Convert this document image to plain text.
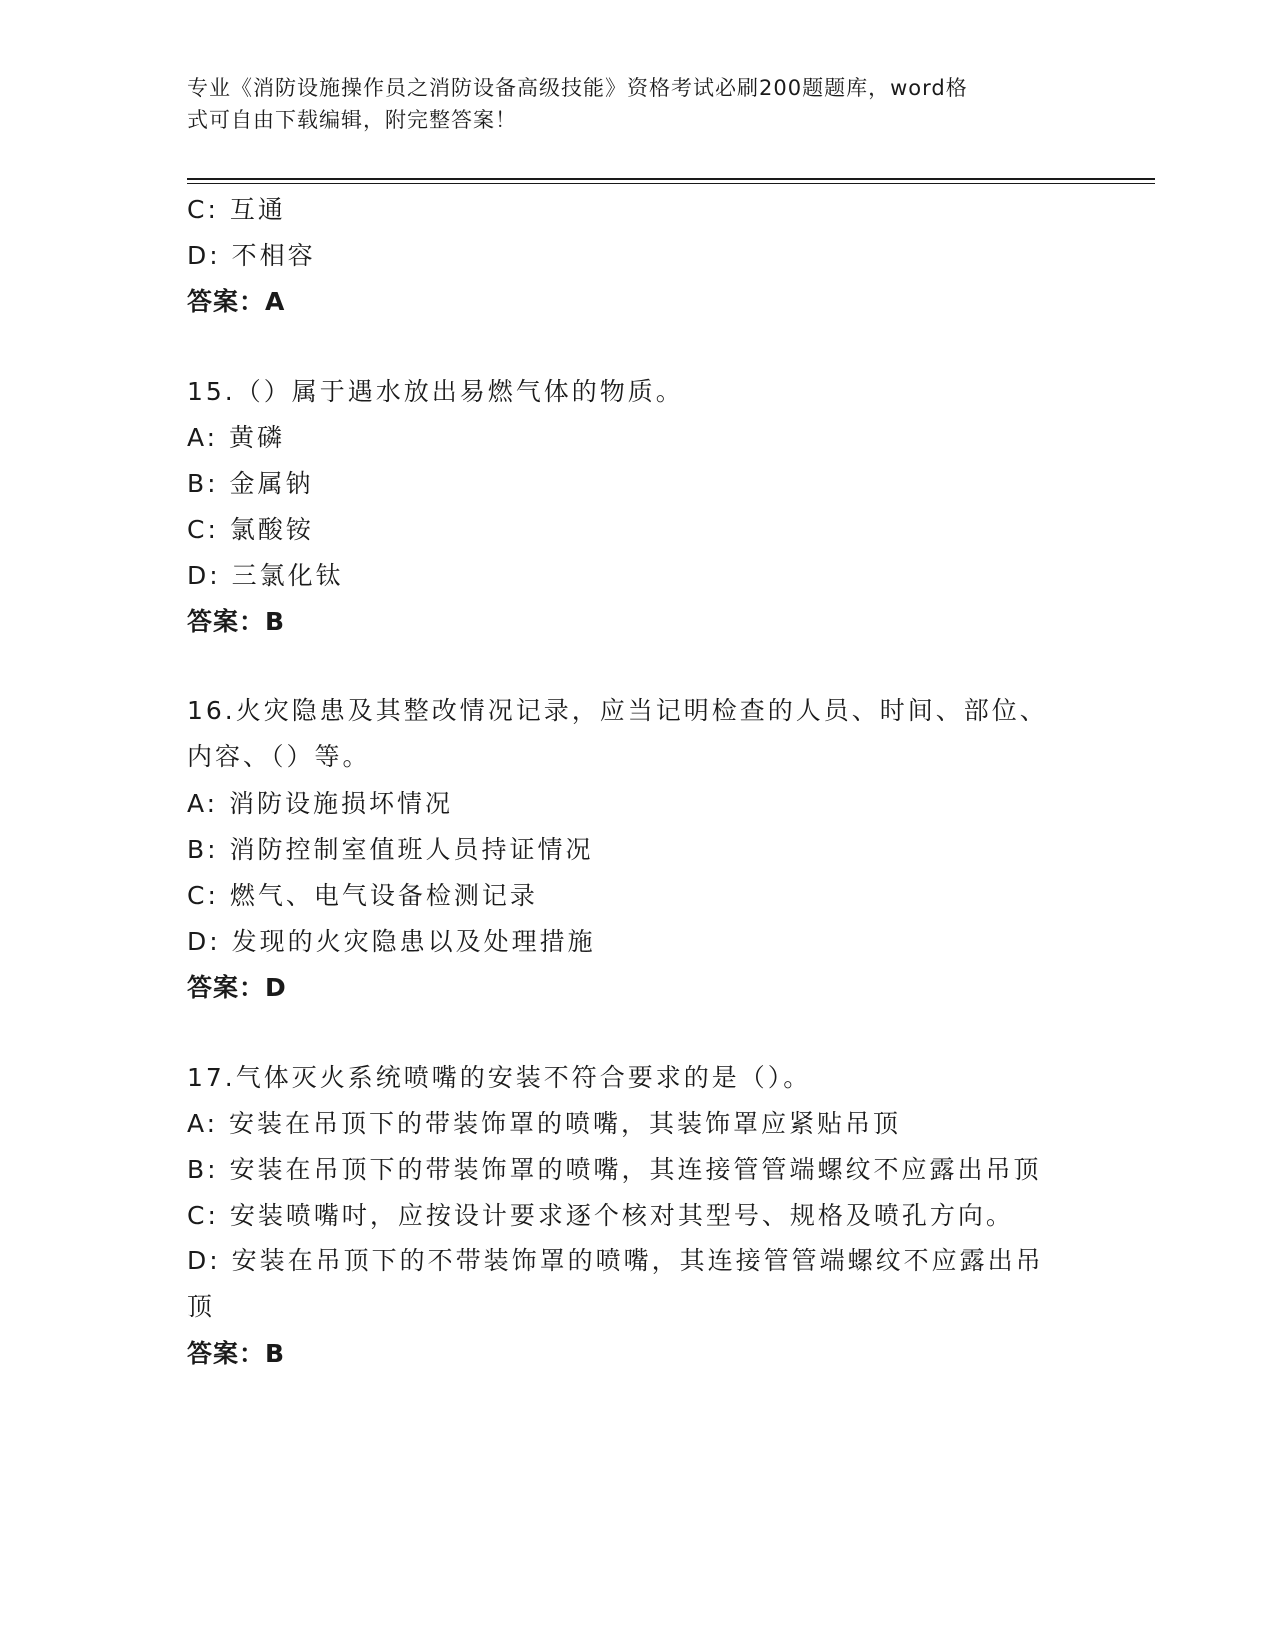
专业《消防设施操作员之消防设备高级技能》资格考试必刷200题题库，word格
式可自由下载编辑，附完整答案！
C: 互通
D: 不相容
答案：A
15.（）属于遇水放出易燃气体的物质。
A: 黄磷
B: 金属钠
C: 氯酸铵
D: 三氯化钛
答案：B
16.火灾隐患及其整改情况记录，应当记明检查的人员、时间、部位、
内容、（）等。
A: 消防设施损坏情况
B: 消防控制室值班人员持证情况
C: 燃气、电气设备检测记录
D: 发现的火灾隐患以及处理措施
答案：D
17.气体灭火系统喷嘴的安装不符合要求的是（）。
A: 安装在吊顶下的带装饰罩的喷嘴，其装饰罩应紧贴吊顶
B: 安装在吊顶下的带装饰罩的喷嘴，其连接管管端螺纹不应露出吊顶
C: 安装喷嘴吋，应按设计要求逐个核对其型号、规格及喷孔方向。
D: 安装在吊顶下的不带装饰罩的喷嘴，其连接管管端螺纹不应露出吊
顶
答案：B
